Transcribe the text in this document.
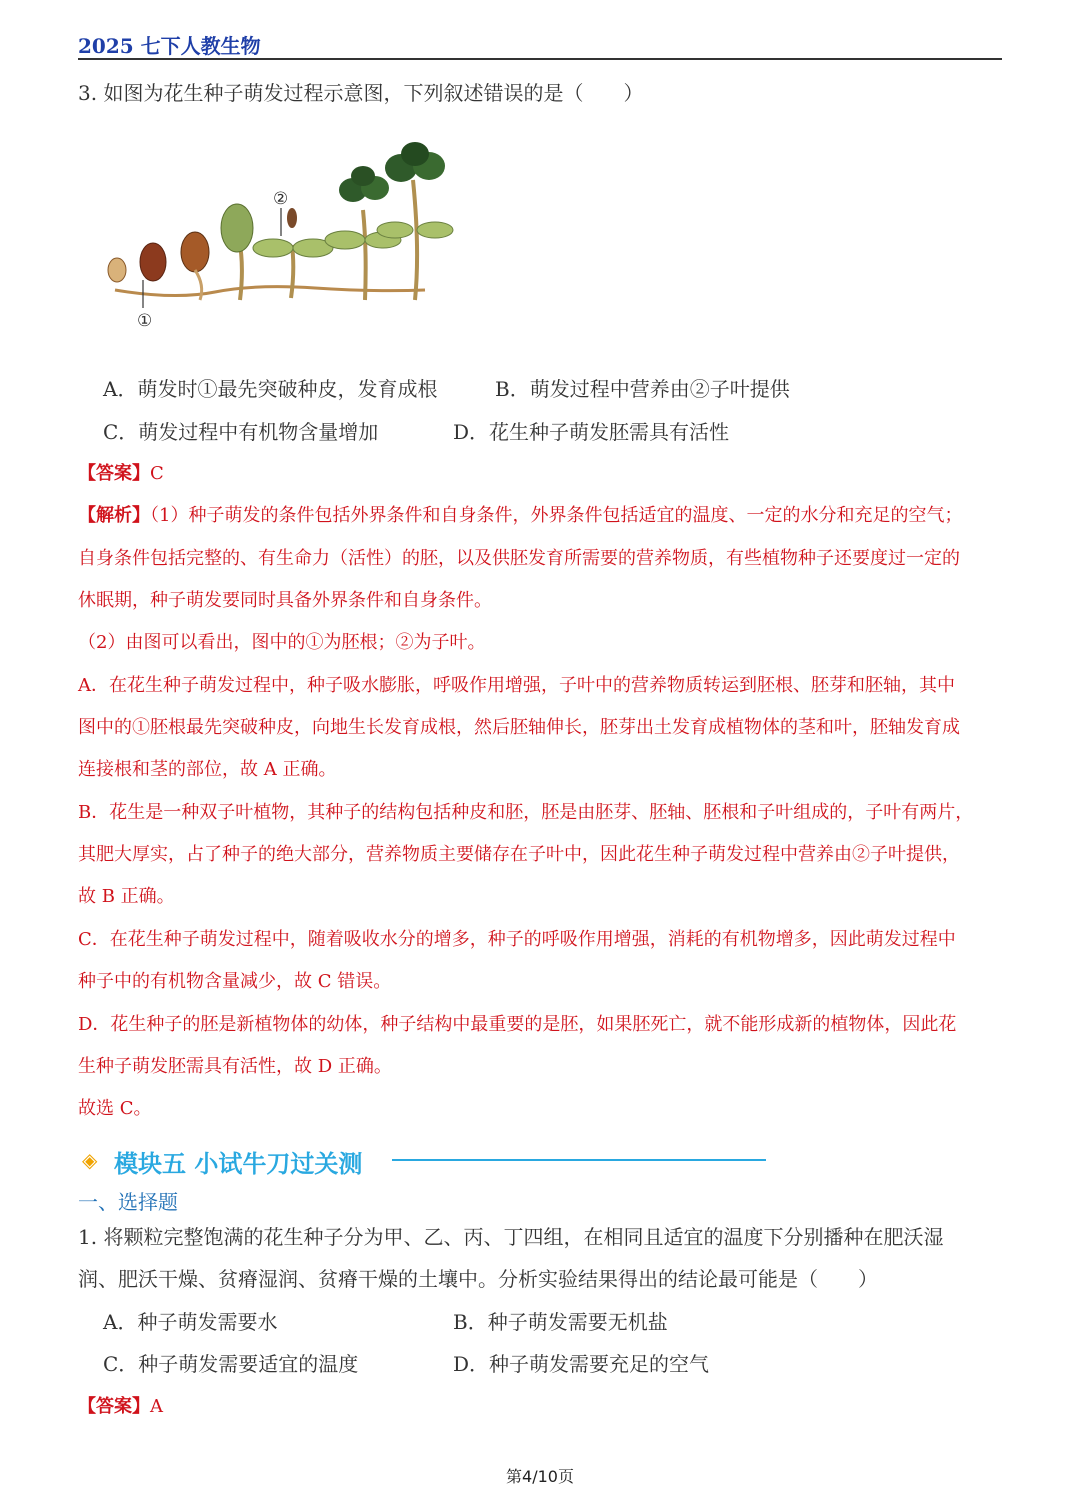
2025 七下人教生物
3. 如图为花生种子萌发过程示意图，下列叙述错误的是（　　）
①
②
A．萌发时①最先突破种皮，发育成根	B．萌发过程中营养由②子叶提供
C．萌发过程中有机物含量增加	D．花生种子萌发胚需具有活性
【答案】C
【解析】（1）种子萌发的条件包括外界条件和自身条件，外界条件包括适宜的温度、一定的水分和充足的空气；
自身条件包括完整的、有生命力（活性）的胚，以及供胚发育所需要的营养物质，有些植物种子还要度过一定的
休眠期，种子萌发要同时具备外界条件和自身条件。
（2）由图可以看出，图中的①为胚根；②为子叶。
A．在花生种子萌发过程中，种子吸水膨胀，呼吸作用增强，子叶中的营养物质转运到胚根、胚芽和胚轴，其中
图中的①胚根最先突破种皮，向地生长发育成根，然后胚轴伸长，胚芽出土发育成植物体的茎和叶，胚轴发育成
连接根和茎的部位，故 A 正确。
B．花生是一种双子叶植物，其种子的结构包括种皮和胚，胚是由胚芽、胚轴、胚根和子叶组成的，子叶有两片，
其肥大厚实，占了种子的绝大部分，营养物质主要储存在子叶中，因此花生种子萌发过程中营养由②子叶提供，
故 B 正确。
C．在花生种子萌发过程中，随着吸收水分的增多，种子的呼吸作用增强，消耗的有机物增多，因此萌发过程中
种子中的有机物含量减少，故 C 错误。
D．花生种子的胚是新植物体的幼体，种子结构中最重要的是胚，如果胚死亡，就不能形成新的植物体，因此花
生种子萌发胚需具有活性，故 D 正确。
故选 C。
◈ 模块五 小试牛刀过关测
一、选择题
1. 将颗粒完整饱满的花生种子分为甲、乙、丙、丁四组，在相同且适宜的温度下分别播种在肥沃湿
润、肥沃干燥、贫瘠湿润、贫瘠干燥的土壤中。分析实验结果得出的结论最可能是（　　）
A．种子萌发需要水	B．种子萌发需要无机盐
C．种子萌发需要适宜的温度	D．种子萌发需要充足的空气
【答案】A
第4/10页
